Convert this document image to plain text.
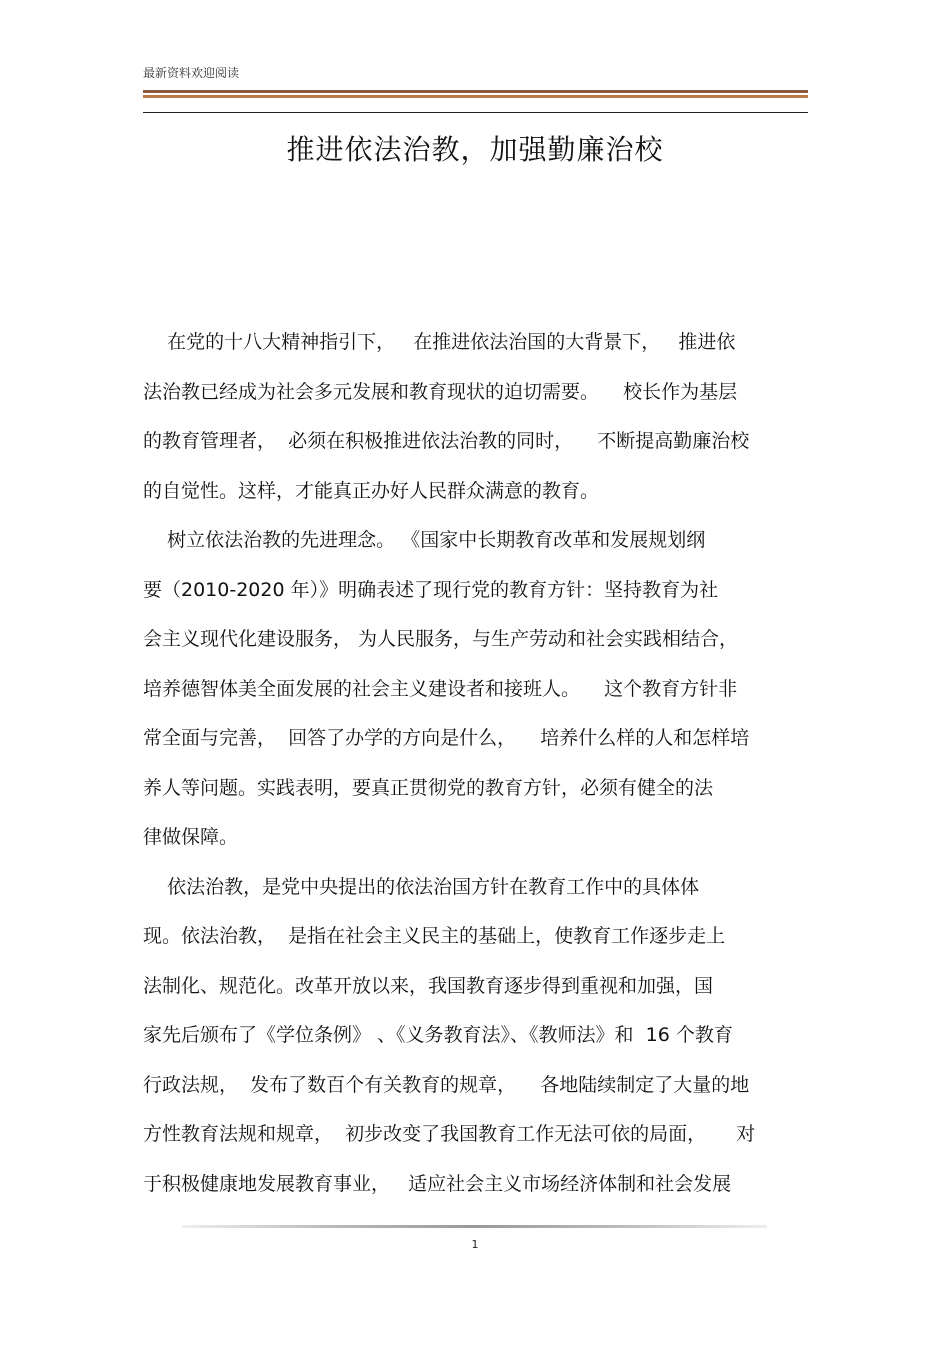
最新资料欢迎阅读
推进依法治教，加强勤廉治校
在党的十八大精神指引下，   在推进依法治国的大背景下，   推进依
法治教已经成为社会多元发展和教育现状的迫切需要。    校长作为基层
的教育管理者，  必须在积极推进依法治教的同时，    不断提高勤廉治校
的自觉性。这样，才能真正办好人民群众满意的教育。
树立依法治教的先进理念。 《国家中长期教育改革和发展规划纲
要（2010-2020 年）》明确表述了现行党的教育方针：坚持教育为社
会主义现代化建设服务， 为人民服务，与生产劳动和社会实践相结合，
培养德智体美全面发展的社会主义建设者和接班人。    这个教育方针非
常全面与完善，  回答了办学的方向是什么，    培养什么样的人和怎样培
养人等问题。实践表明，要真正贯彻党的教育方针，必须有健全的法
律做保障。
依法治教，是党中央提出的依法治国方针在教育工作中的具体体
现。依法治教，  是指在社会主义民主的基础上，使教育工作逐步走上
法制化、规范化。改革开放以来，我国教育逐步得到重视和加强，国
家先后颁布了《学位条例》 、《义务教育法》、《教师法》和  16 个教育
行政法规，  发布了数百个有关教育的规章，    各地陆续制定了大量的地
方性教育法规和规章，  初步改变了我国教育工作无法可依的局面，     对
于积极健康地发展教育事业，   适应社会主义市场经济体制和社会发展
1
